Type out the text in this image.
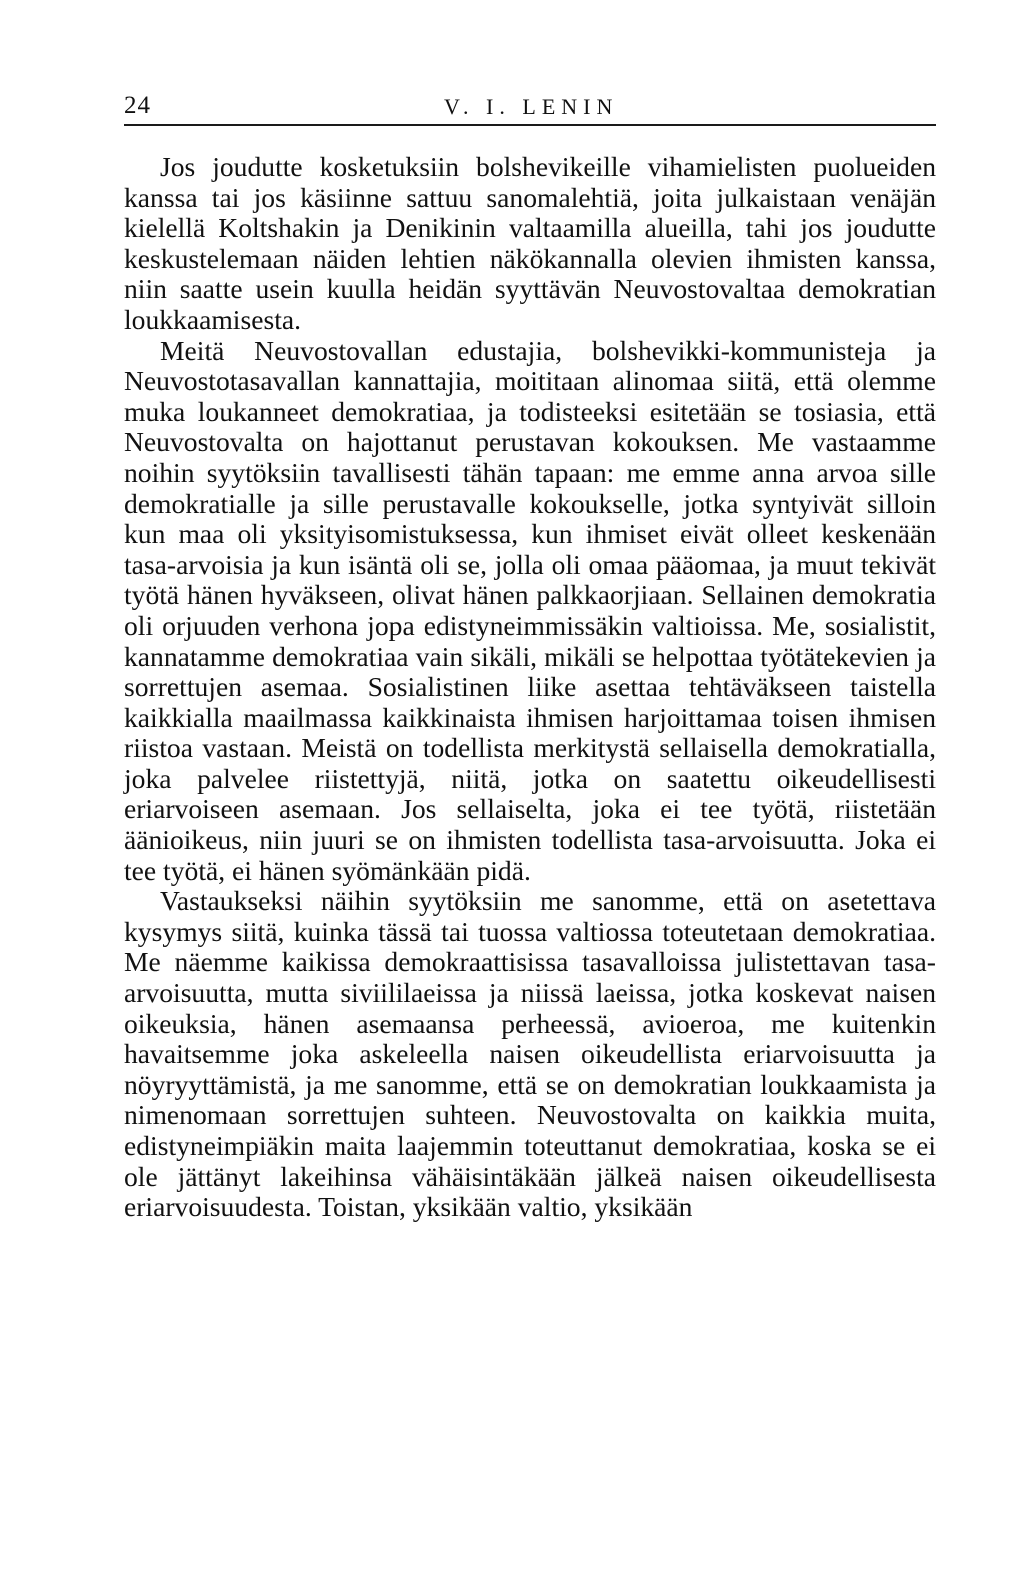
24	V. I. LENIN

Jos joudutte kosketuksiin bolshevikeille vihamielisten puolueiden kanssa tai jos käsiinne sattuu sanomalehtiä, joita julkaistaan venäjän kielellä Koltshakin ja Denikinin valtaamilla alueilla, tahi jos joudutte keskustelemaan näiden lehtien näkökannalla olevien ihmisten kanssa, niin saatte usein kuulla heidän syyttävän Neuvostovaltaa demokratian loukkaamisesta.

Meitä Neuvostovallan edustajia, bolshevikki-kommunisteja ja Neuvostotasavallan kannattajia, moititaan alinomaa siitä, että olemme muka loukanneet demokratiaa, ja todisteeksi esitetään se tosiasia, että Neuvostovalta on hajottanut perustavan kokouksen. Me vastaamme noihin syytöksiin tavallisesti tähän tapaan: me emme anna arvoa sille demokratialle ja sille perustavalle kokoukselle, jotka syntyivät silloin kun maa oli yksityisomistuksessa, kun ihmiset eivät olleet keskenään tasa-arvoisia ja kun isäntä oli se, jolla oli omaa pääomaa, ja muut tekivät työtä hänen hyväkseen, olivat hänen palkkaorjiaan. Sellainen demokratia oli orjuuden verhona jopa edistyneimmissäkin valtioissa. Me, sosialistit, kannatamme demokratiaa vain sikäli, mikäli se helpottaa työtätekevien ja sorrettujen asemaa. Sosialistinen liike asettaa tehtäväkseen taistella kaikkialla maailmassa kaikkinaista ihmisen harjoittamaa toisen ihmisen riistoa vastaan. Meistä on todellista merkitystä sellaisella demokratialla, joka palvelee riistettyjä, niitä, jotka on saatettu oikeudellisesti eriarvoiseen asemaan. Jos sellaiselta, joka ei tee työtä, riistetään äänioikeus, niin juuri se on ihmisten todellista tasa-arvoisuutta. Joka ei tee työtä, ei hänen syömänkään pidä.

Vastaukseksi näihin syytöksiin me sanomme, että on asetettava kysymys siitä, kuinka tässä tai tuossa valtiossa toteutetaan demokratiaa. Me näemme kaikissa demokraattisissa tasavalloissa julistettavan tasa-arvoisuutta, mutta siviililaeissa ja niissä laeissa, jotka koskevat naisen oikeuksia, hänen asemaansa perheessä, avioeroa, me kuitenkin havaitsemme joka askeleella naisen oikeudellista eriarvoisuutta ja nöyryyttämistä, ja me sanomme, että se on demokratian loukkaamista ja nimenomaan sorrettujen suhteen. Neuvostovalta on kaikkia muita, edistyneimpiäkin maita laajemmin toteuttanut demokratiaa, koska se ei ole jättänyt lakeihinsa vähäisintäkään jälkeä naisen oikeudellisesta eriarvoisuudesta. Toistan, yksikään valtio, yksikään
